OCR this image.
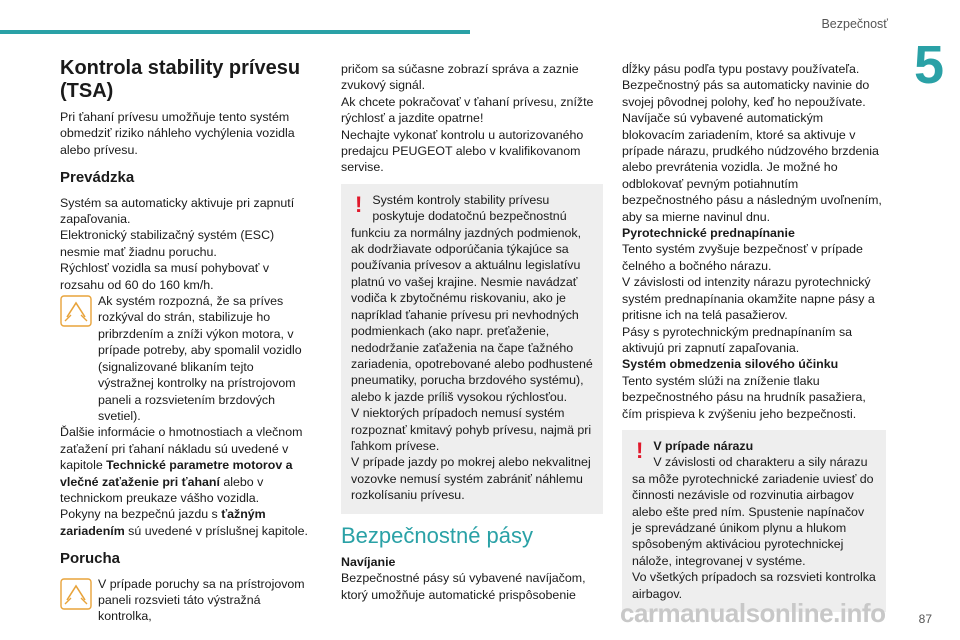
Bezpečnosť
5
Kontrola stability prívesu (TSA)

Pri ťahaní prívesu umožňuje tento systém obmedziť riziko náhleho vychýlenia vozidla alebo prívesu.

Prevádzka

Systém sa automaticky aktivuje pri zapnutí zapaľovania.

Elektronický stabilizačný systém (ESC) nesmie mať žiadnu poruchu.

Rýchlosť vozidla sa musí pohybovať v rozsahu od 60 do 160 km/h.

Ak systém rozpozná, že sa príves rozkýval do strán, stabilizuje ho pribrzdením a zníži výkon motora, v prípade potreby, aby spomalil vozidlo (signalizované blikaním tejto výstražnej kontrolky na prístrojovom paneli a rozsvietením brzdových svetiel).

Ďalšie informácie o hmotnostiach a vlečnom zaťažení pri ťahaní nákladu sú uvedené v kapitole Technické parametre motorov a vlečné zaťaženie pri ťahaní alebo v technickom preukaze vášho vozidla.

Pokyny na bezpečnú jazdu s ťažným zariadením sú uvedené v príslušnej kapitole.

Porucha

V prípade poruchy sa na prístrojovom paneli rozsvieti táto výstražná kontrolka,

pričom sa súčasne zobrazí správa a zaznie zvukový signál.

Ak chcete pokračovať v ťahaní prívesu, znížte rýchlosť a jazdite opatrne!

Nechajte vykonať kontrolu u autorizovaného predajcu PEUGEOT alebo v kvalifikovanom servise.

! Systém kontroly stability prívesu poskytuje dodatočnú bezpečnostnú funkciu za normálny jazdných podmienok, ak dodržiavate odporúčania týkajúce sa používania prívesov a aktuálnu legislatívu platnú vo vašej krajine. Nesmie navádzať vodiča k zbytočnému riskovaniu, ako je napríklad ťahanie prívesu pri nevhodných podmienkach (ako napr. preťaženie, nedodržanie zaťaženia na čape ťažného zariadenia, opotrebované alebo podhustené pneumatiky, porucha brzdového systému), alebo k jazde príliš vysokou rýchlosťou.

V niektorých prípadoch nemusí systém rozpoznať kmitavý pohyb prívesu, najmä pri ľahkom prívese.

V prípade jazdy po mokrej alebo nekvalitnej vozovke nemusí systém zabrániť náhlemu rozkolísaniu prívesu.

Bezpečnostné pásy

Navíjanie

Bezpečnostné pásy sú vybavené navíjačom, ktorý umožňuje automatické prispôsobenie

dĺžky pásu podľa typu postavy používateľa. Bezpečnostný pás sa automaticky navinie do svojej pôvodnej polohy, keď ho nepoužívate.

Navíjače sú vybavené automatickým blokovacím zariadením, ktoré sa aktivuje v prípade nárazu, prudkého núdzového brzdenia alebo prevrátenia vozidla. Je možné ho odblokovať pevným potiahnutím bezpečnostného pásu a následným uvoľnením, aby sa mierne navinul dnu.

Pyrotechnické prednapínanie

Tento systém zvyšuje bezpečnosť v prípade čelného a bočného nárazu.

V závislosti od intenzity nárazu pyrotechnický systém prednapínania okamžite napne pásy a pritisne ich na telá pasažierov.

Pásy s pyrotechnickým prednapínaním sa aktivujú pri zapnutí zapaľovania.

Systém obmedzenia silového účinku

Tento systém slúži na zníženie tlaku bezpečnostného pásu na hrudník pasažiera, čím prispieva k zvýšeniu jeho bezpečnosti.

! V prípade nárazu

V závislosti od charakteru a sily nárazu sa môže pyrotechnické zariadenie uviesť do činnosti nezávisle od rozvinutia airbagov alebo ešte pred ním. Spustenie napínačov je sprevádzané únikom plynu a hlukom spôsobeným aktiváciou pyrotechnickej nálože, integrovanej v systéme.

Vo všetkých prípadoch sa rozsvieti kontrolka airbagov.

87
carmanualsonline.info
